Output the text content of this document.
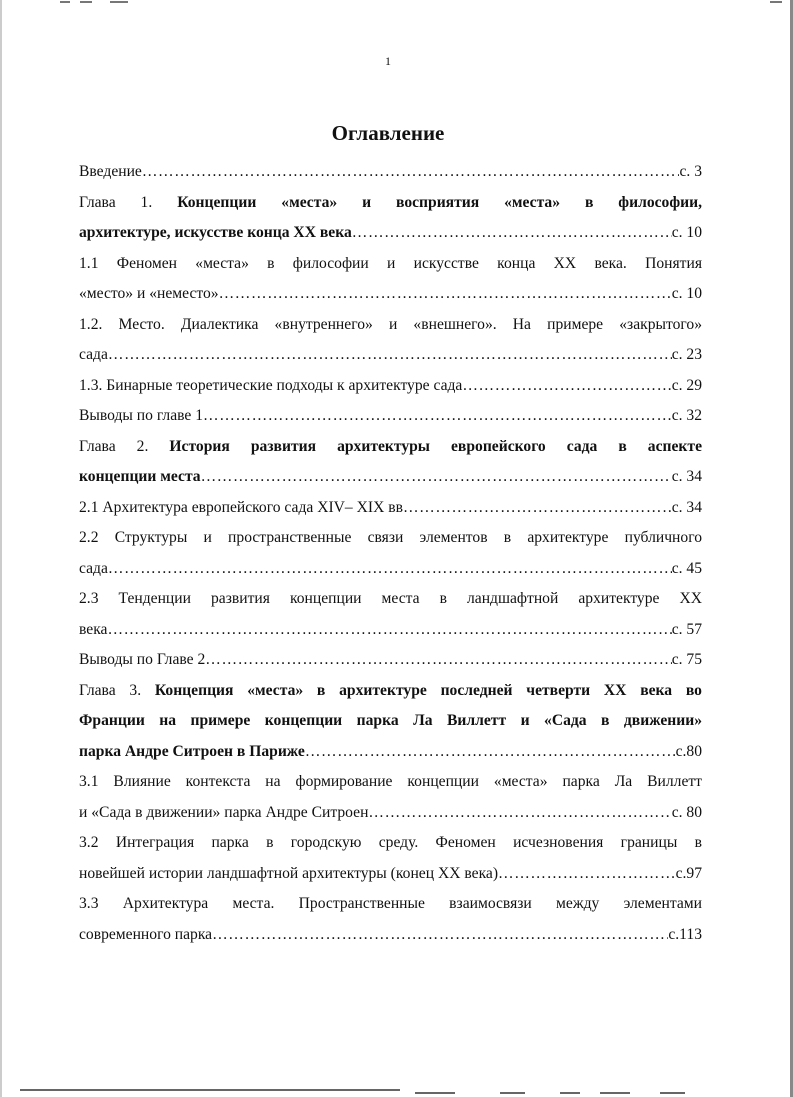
1
Оглавление
Введение …………………………………………………………………………………………………………………………………………………………………………………………………………………………………………	с. 3
Глава 1. Концепции «места» и восприятия «места» в философии,
архитектуре, искусстве конца XX века …………………………………………………………………………………………………………………………………………………………………………………………………………………………………………	с. 10
1.1 Феномен «места» в философии и искусстве конца XX века. Понятия
«место» и «неместо» …………………………………………………………………………………………………………………………………………………………………………………………………………………………………………	с. 10
1.2. Место. Диалектика «внутреннего» и «внешнего». На примере «закрытого»
сада …………………………………………………………………………………………………………………………………………………………………………………………………………………………………………	с. 23
1.3. Бинарные теоретические подходы к архитектуре сада …………………………………………………………………………………………………………………………………………………………………………………………………………………………………………	с. 29
Выводы по главе 1 …………………………………………………………………………………………………………………………………………………………………………………………………………………………………………	с. 32
Глава 2. История развития архитектуры европейского сада в аспекте
концепции места …………………………………………………………………………………………………………………………………………………………………………………………………………………………………………	с. 34
2.1 Архитектура европейского сада XIV– XIX вв …………………………………………………………………………………………………………………………………………………………………………………………………………………………………………	с. 34
2.2 Структуры и пространственные связи элементов в архитектуре публичного
сада …………………………………………………………………………………………………………………………………………………………………………………………………………………………………………	с. 45
2.3 Тенденции развития концепции места в ландшафтной архитектуре XX
века …………………………………………………………………………………………………………………………………………………………………………………………………………………………………………	с. 57
Выводы по Главе 2 …………………………………………………………………………………………………………………………………………………………………………………………………………………………………………	с. 75
Глава 3. Концепция «места» в архитектуре последней четверти XX века во
Франции на примере концепции парка Ла Виллетт и «Сада в движении»
парка Андре Ситроен в Париже …………………………………………………………………………………………………………………………………………………………………………………………………………………………………………	с.80
3.1 Влияние контекста на формирование концепции «места» парка Ла Виллетт
и «Сада в движении» парка Андре Ситроен …………………………………………………………………………………………………………………………………………………………………………………………………………………………………………	с. 80
3.2 Интеграция парка в городскую среду. Феномен исчезновения границы в
новейшей истории ландшафтной архитектуры (конец XX века) …………………………………………………………………………………………………………………………………………………………………………………………………………………………………………	с.97
3.3 Архитектура места. Пространственные взаимосвязи между элементами
современного парка …………………………………………………………………………………………………………………………………………………………………………………………………………………………………………	с.113
